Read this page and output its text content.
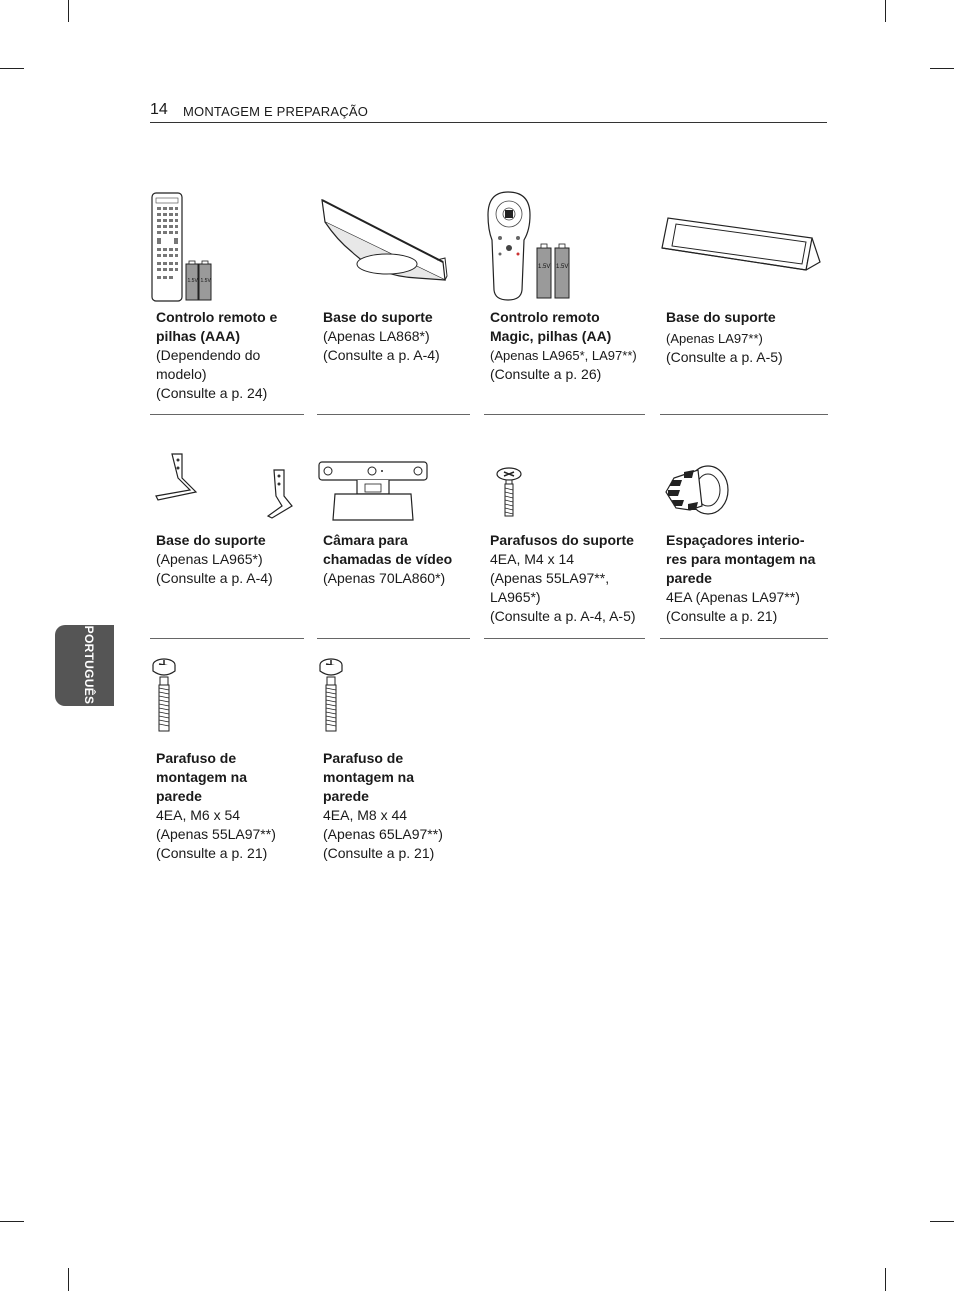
14 MONTAGEM E PREPARAÇÃO
PORTUGUÊS
1.5V 1.5V
Controlo remoto e
pilhas (AAA)
(Dependendo do
modelo)
(Consulte a p. 24)
Base do suporte
(Apenas LA868*)
(Consulte a p. A-4)
1.5V 1.5V
Controlo remoto
Magic, pilhas (AA)
(Apenas LA965*, LA97**)
(Consulte a p. 26)
Base do suporte
(Apenas LA97**)
(Consulte a p. A-5)
Base do suporte
(Apenas LA965*)
(Consulte a p. A-4)
Câmara para
chamadas de vídeo
(Apenas 70LA860*)
Parafusos do suporte
4EA, M4 x 14
(Apenas 55LA97**,
LA965*)
(Consulte a p. A-4, A-5)
Espaçadores interio-
res para montagem na
parede
4EA (Apenas LA97**)
(Consulte a p. 21)
Parafuso de
montagem na
parede
4EA, M6 x 54
(Apenas 55LA97**)
(Consulte a p. 21)
Parafuso de
montagem na
parede
4EA, M8 x 44
(Apenas 65LA97**)
(Consulte a p. 21)
